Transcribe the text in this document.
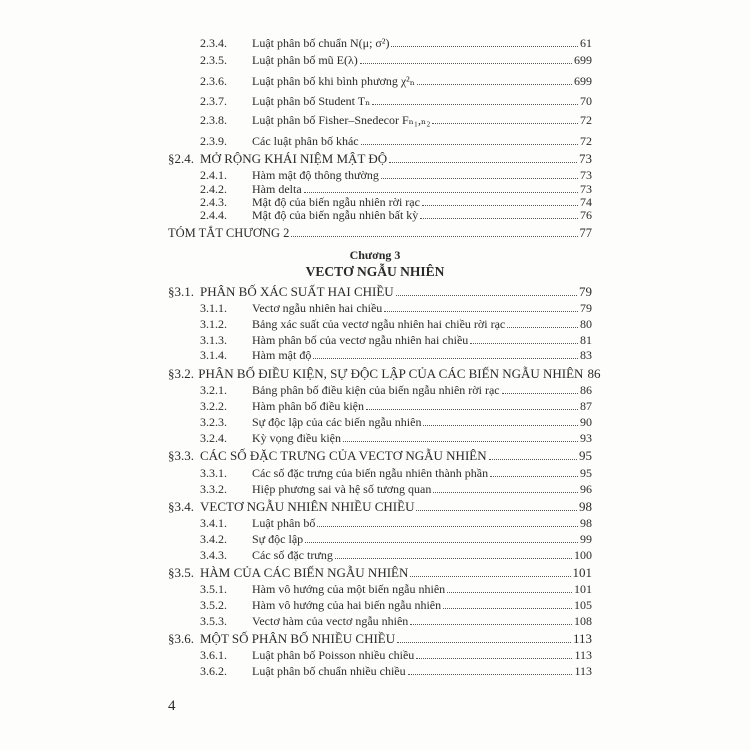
2.3.4.	Luật phân bố chuẩn N(μ; σ²)	61
2.3.5.	Luật phân bố mũ E(λ)	699
2.3.6.	Luật phân bố khi bình phương χ²ₙ	699
2.3.7.	Luật phân bố Student Tₙ	70
2.3.8.	Luật phân bố Fisher–Snedecor Fₙ₁,ₙ₂	72
2.3.9.	Các luật phân bố khác	72
§2.4. MỞ RỘNG KHÁI NIỆM MẬT ĐỘ	73
2.4.1.	Hàm mật độ thông thường	73
2.4.2.	Hàm delta	73
2.4.3.	Mật độ của biến ngẫu nhiên rời rạc	74
2.4.4.	Mật độ của biến ngẫu nhiên bất kỳ	76
TÓM TẮT CHƯƠNG 2	77
Chương 3
VECTƠ NGẪU NHIÊN
§3.1. PHÂN BỐ XÁC SUẤT HAI CHIỀU	79
3.1.1.	Vectơ ngẫu nhiên hai chiều	79
3.1.2.	Bảng xác suất của vectơ ngẫu nhiên hai chiều rời rạc	80
3.1.3.	Hàm phân bố của vectơ ngẫu nhiên hai chiều	81
3.1.4.	Hàm mật độ	83
§3.2. PHÂN BỐ ĐIỀU KIỆN, SỰ ĐỘC LẬP CỦA CÁC BIẾN NGẪU NHIÊN 86
3.2.1.	Bảng phân bố điều kiện của biến ngẫu nhiên rời rạc	86
3.2.2.	Hàm phân bố điều kiện	87
3.2.3.	Sự độc lập của các biến ngẫu nhiên	90
3.2.4.	Kỳ vọng điều kiện	93
§3.3. CÁC SỐ ĐẶC TRƯNG CỦA VECTƠ NGẪU NHIÊN	95
3.3.1.	Các số đặc trưng của biến ngẫu nhiên thành phần	95
3.3.2.	Hiệp phương sai và hệ số tương quan	96
§3.4. VECTƠ NGẪU NHIÊN NHIỀU CHIỀU	98
3.4.1.	Luật phân bố	98
3.4.2.	Sự độc lập	99
3.4.3.	Các số đặc trưng	100
§3.5. HÀM CỦA CÁC BIẾN NGẪU NHIÊN	101
3.5.1.	Hàm vô hướng của một biến ngẫu nhiên	101
3.5.2.	Hàm vô hướng của hai biến ngẫu nhiên	105
3.5.3.	Vectơ hàm của vectơ ngẫu nhiên	108
§3.6. MỘT SỐ PHÂN BỐ NHIỀU CHIỀU	113
3.6.1.	Luật phân bố Poisson nhiều chiều	113
3.6.2.	Luật phân bố chuẩn nhiều chiều	113
4
